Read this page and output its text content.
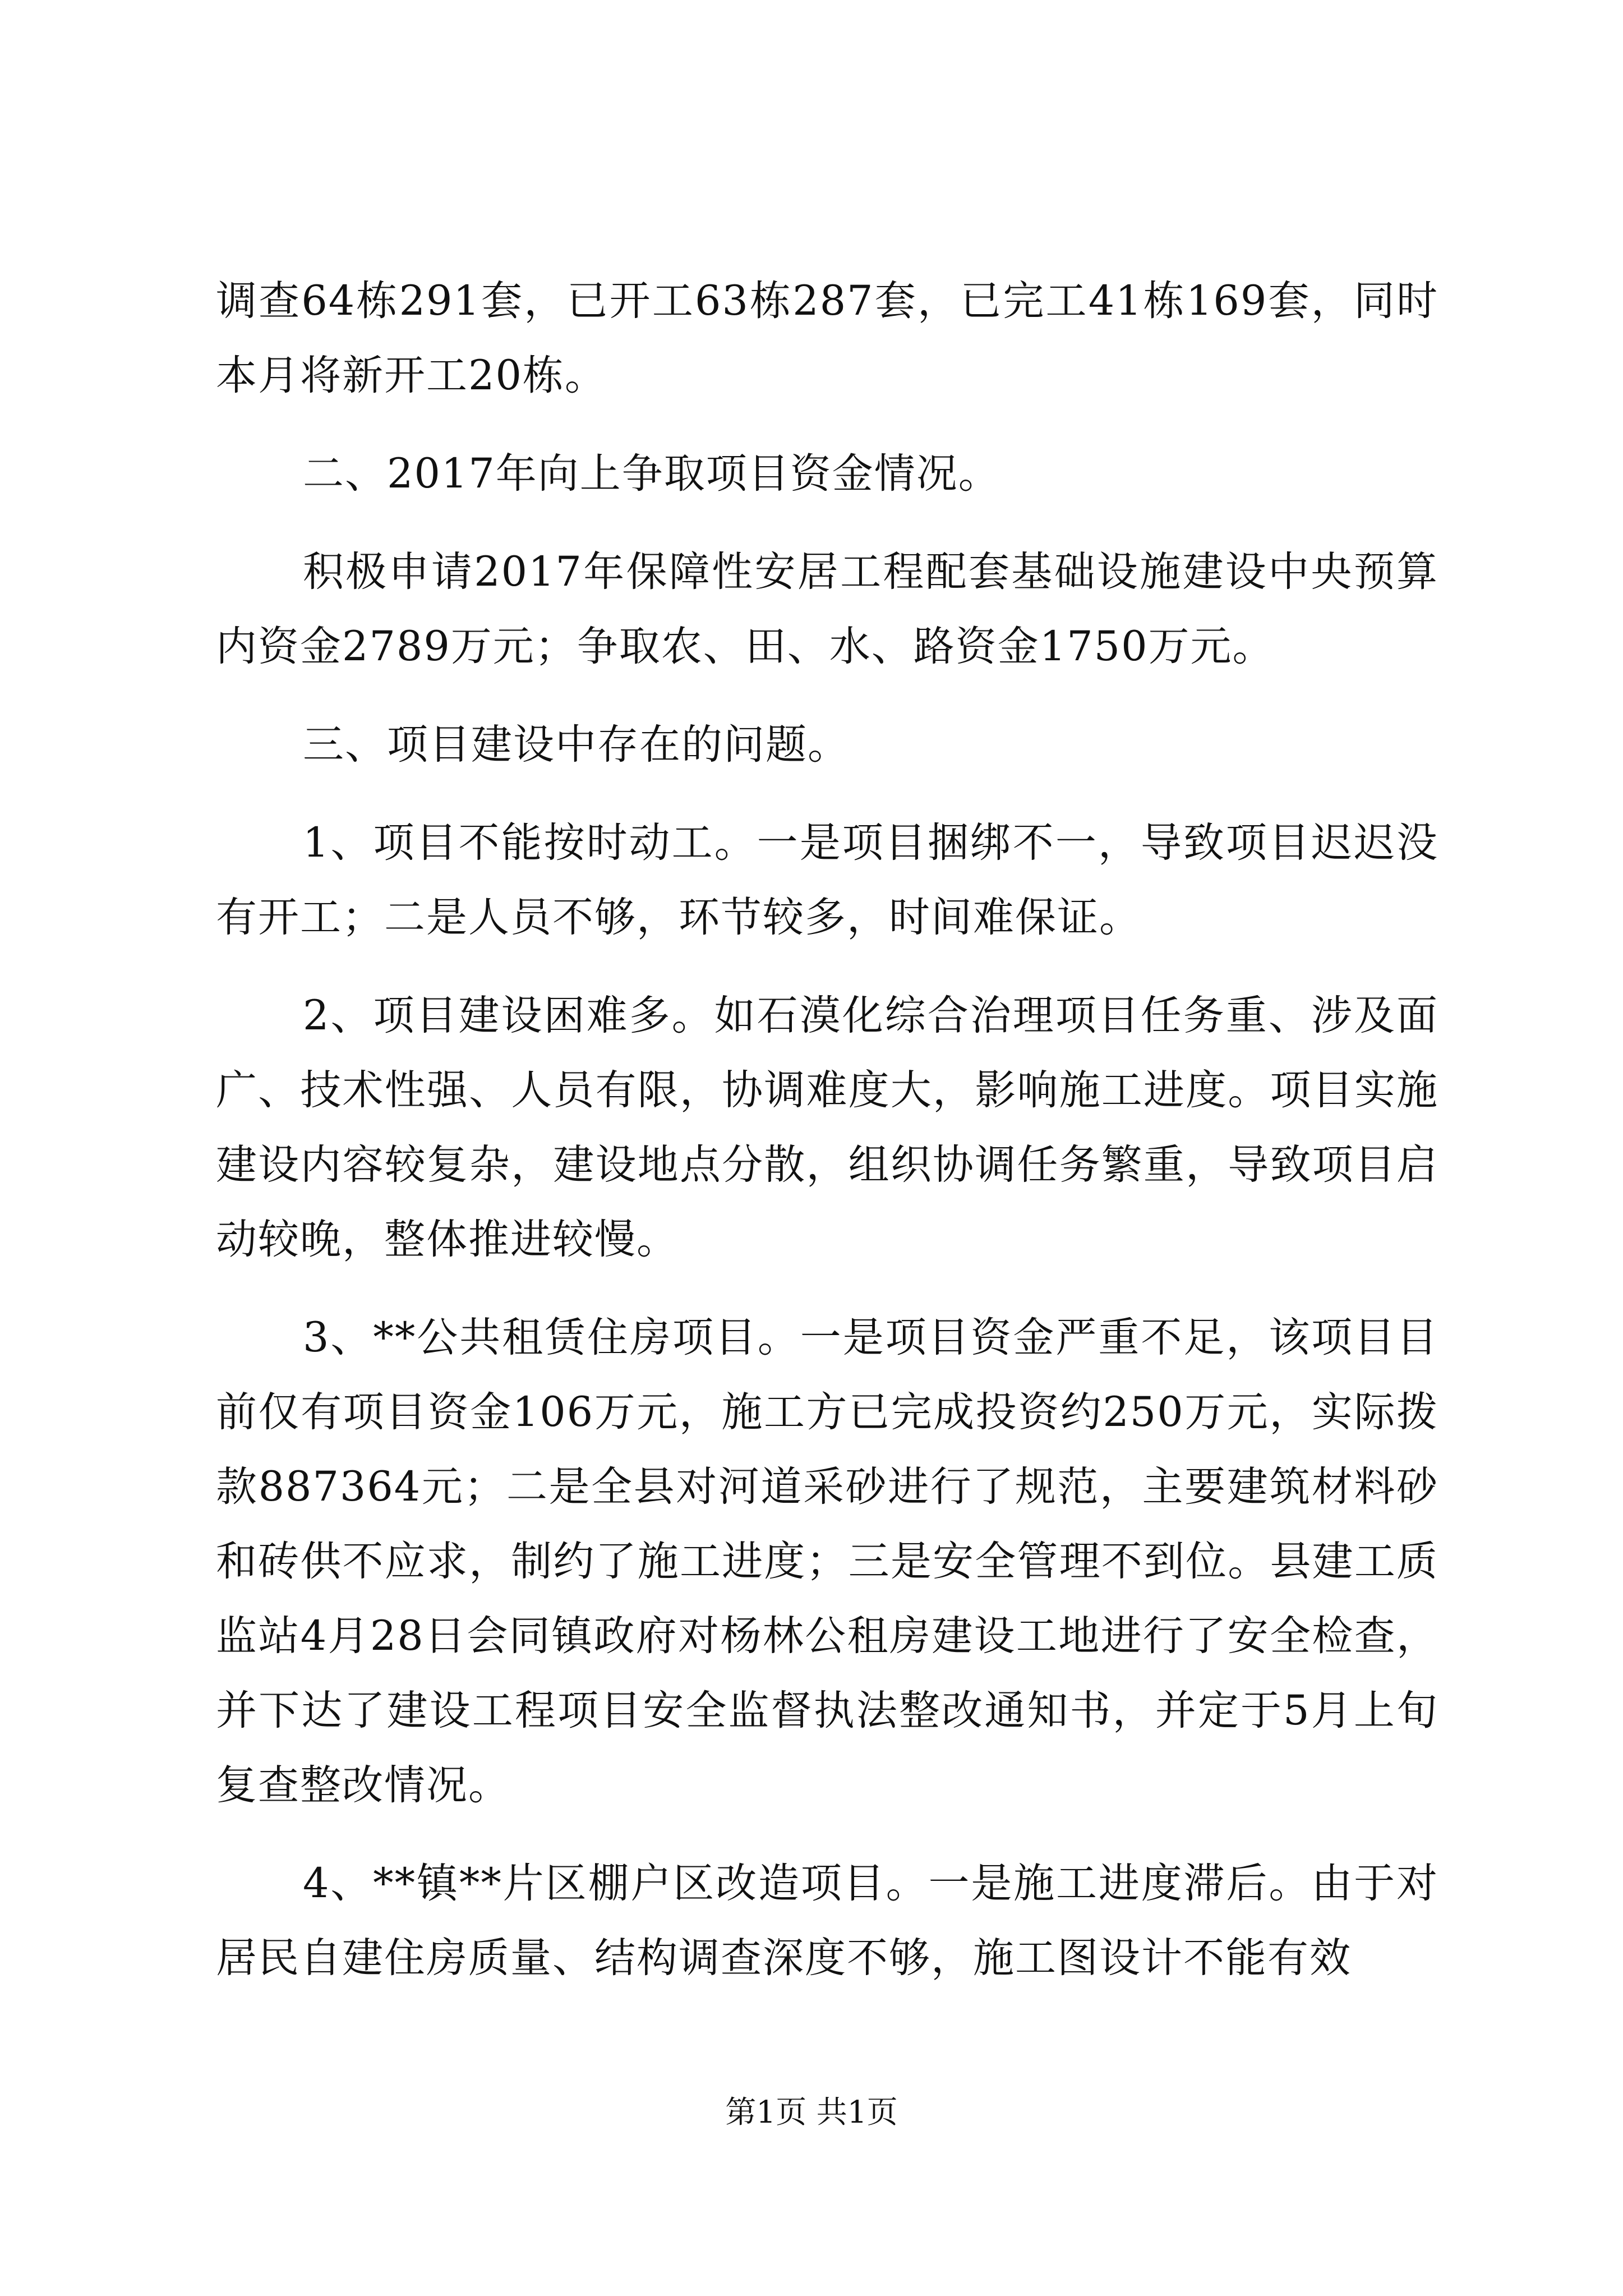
调查64栋291套，已开工63栋287套，已完工41栋169套，同时本月将新开工20栋。

二、2017年向上争取项目资金情况。

积极申请2017年保障性安居工程配套基础设施建设中央预算内资金2789万元；争取农、田、水、路资金1750万元。

三、项目建设中存在的问题。

1、项目不能按时动工。一是项目捆绑不一，导致项目迟迟没有开工；二是人员不够，环节较多，时间难保证。

2、项目建设困难多。如石漠化综合治理项目任务重、涉及面广、技术性强、人员有限，协调难度大，影响施工进度。项目实施建设内容较复杂，建设地点分散，组织协调任务繁重，导致项目启动较晚，整体推进较慢。

3、**公共租赁住房项目。一是项目资金严重不足，该项目目前仅有项目资金106万元，施工方已完成投资约250万元，实际拨款887364元；二是全县对河道采砂进行了规范，主要建筑材料砂和砖供不应求，制约了施工进度；三是安全管理不到位。县建工质监站4月28日会同镇政府对杨林公租房建设工地进行了安全检查，并下达了建设工程项目安全监督执法整改通知书，并定于5月上旬复查整改情况。

4、**镇**片区棚户区改造项目。一是施工进度滞后。由于对居民自建住房质量、结构调查深度不够，施工图设计不能有效

第1页 共1页
